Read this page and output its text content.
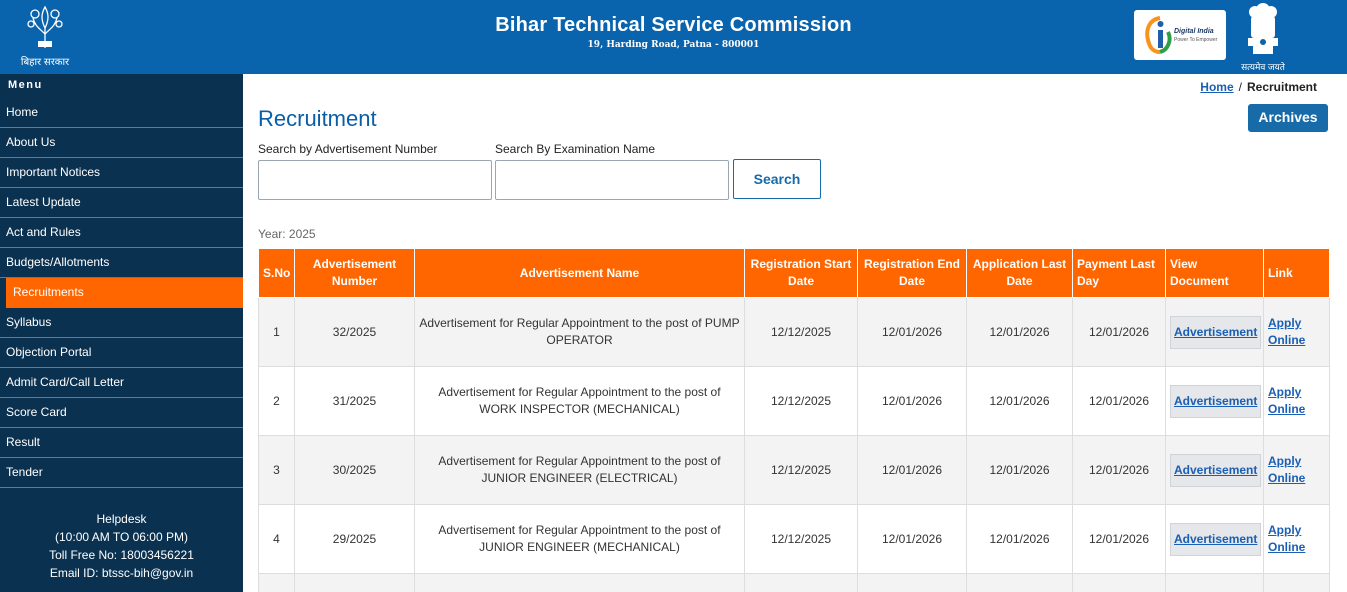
बिहार सरकार
Bihar Technical Service Commission
19, Harding Road, Patna - 800001
Digital India
Power To Empower
सत्यमेव जयते
Menu
Home
About Us
Important Notices
Latest Update
Act and Rules
Budgets/Allotments
Recruitments
Syllabus
Objection Portal
Admit Card/Call Letter
Score Card
Result
Tender
Helpdesk
(10:00 AM TO 06:00 PM)
Toll Free No: 18003456221
Email ID: btssc-bih@gov.in
Home / Recruitment
Recruitment	Archives
Search by Advertisement Number	Search By Examination Name
Search
Year: 2025
S.No	Advertisement Number	Advertisement Name	Registration Start Date	Registration End Date	Application Last Date	Payment Last Day	View Document	Link
1	32/2025	Advertisement for Regular Appointment to the post of PUMP OPERATOR	12/12/2025	12/01/2026	12/01/2026	12/01/2026	Advertisement	Apply Online

2	31/2025	Advertisement for Regular Appointment to the post of WORK INSPECTOR (MECHANICAL)	12/12/2025	12/01/2026	12/01/2026	12/01/2026	Advertisement	Apply Online

3	30/2025	Advertisement for Regular Appointment to the post of JUNIOR ENGINEER (ELECTRICAL)	12/12/2025	12/01/2026	12/01/2026	12/01/2026	Advertisement	Apply Online

4	29/2025	Advertisement for Regular Appointment to the post of JUNIOR ENGINEER (MECHANICAL)	12/12/2025	12/01/2026	12/01/2026	12/01/2026	Advertisement	Apply Online
